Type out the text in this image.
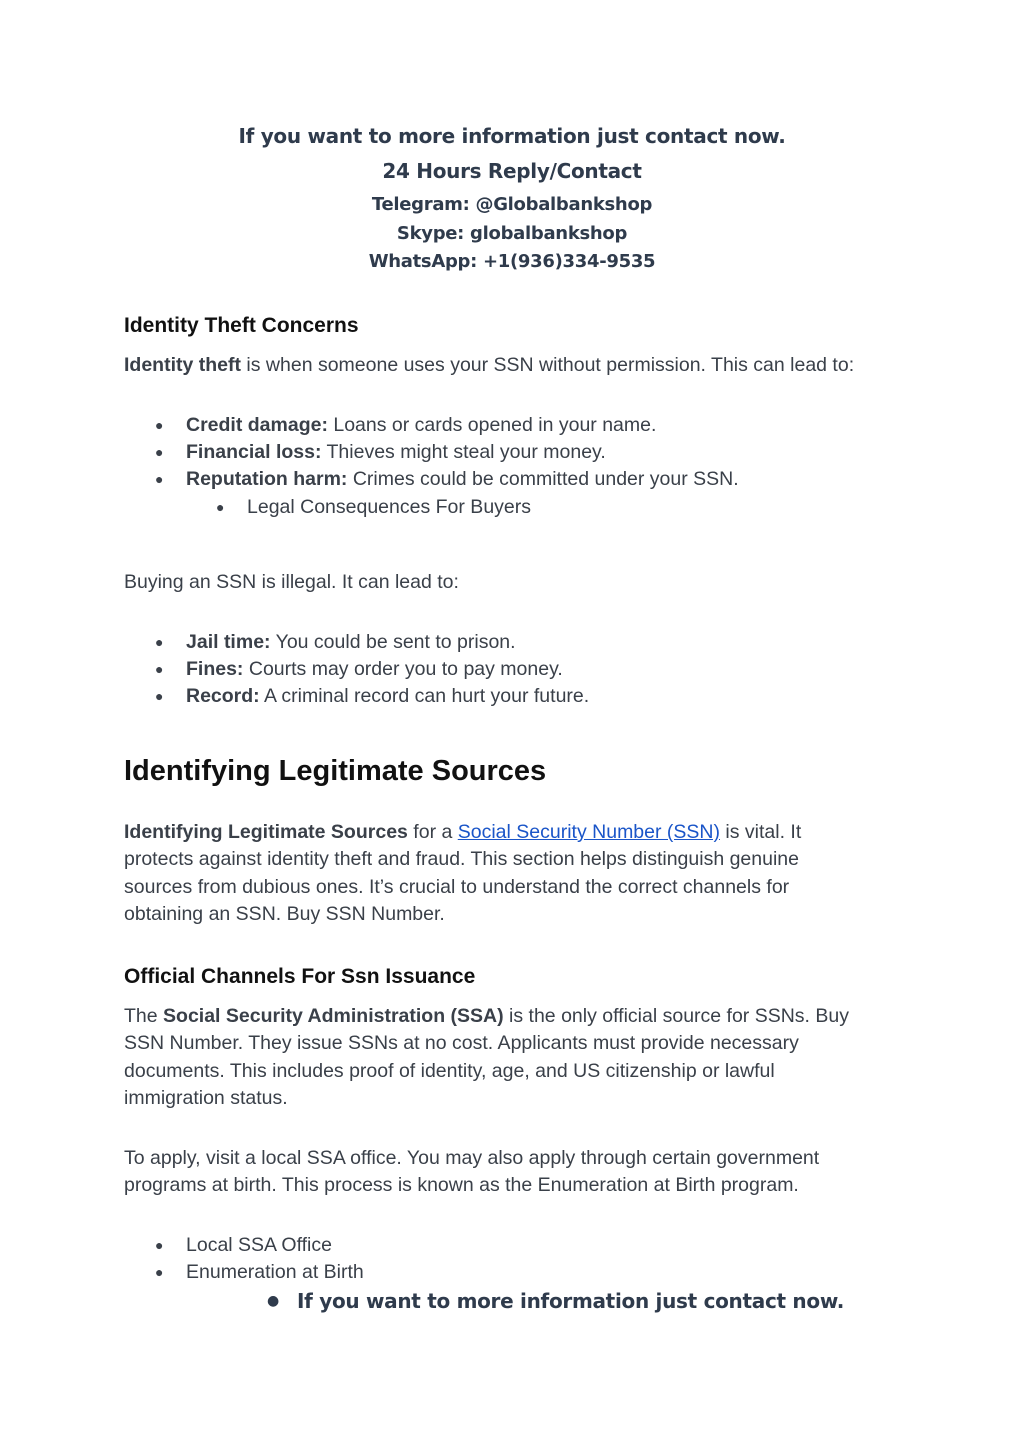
If you want to more information just contact now.
24 Hours Reply/Contact
Telegram: @Globalbankshop
Skype: globalbankshop
WhatsApp: +1(936)334-9535
Identity Theft Concerns
Identity theft is when someone uses your SSN without permission. This can lead to:
● Credit damage: Loans or cards opened in your name.
● Financial loss: Thieves might steal your money.
● Reputation harm: Crimes could be committed under your SSN.
● Legal Consequences For Buyers
Buying an SSN is illegal. It can lead to:
● Jail time: You could be sent to prison.
● Fines: Courts may order you to pay money.
● Record: A criminal record can hurt your future.
Identifying Legitimate Sources
Identifying Legitimate Sources for a Social Security Number (SSN) is vital. It
protects against identity theft and fraud. This section helps distinguish genuine
sources from dubious ones. It’s crucial to understand the correct channels for
obtaining an SSN. Buy SSN Number.
Official Channels For Ssn Issuance
The Social Security Administration (SSA) is the only official source for SSNs. Buy
SSN Number. They issue SSNs at no cost. Applicants must provide necessary
documents. This includes proof of identity, age, and US citizenship or lawful
immigration status.
To apply, visit a local SSA office. You may also apply through certain government
programs at birth. This process is known as the Enumeration at Birth program.
● Local SSA Office
● Enumeration at Birth
● If you want to more information just contact now.
